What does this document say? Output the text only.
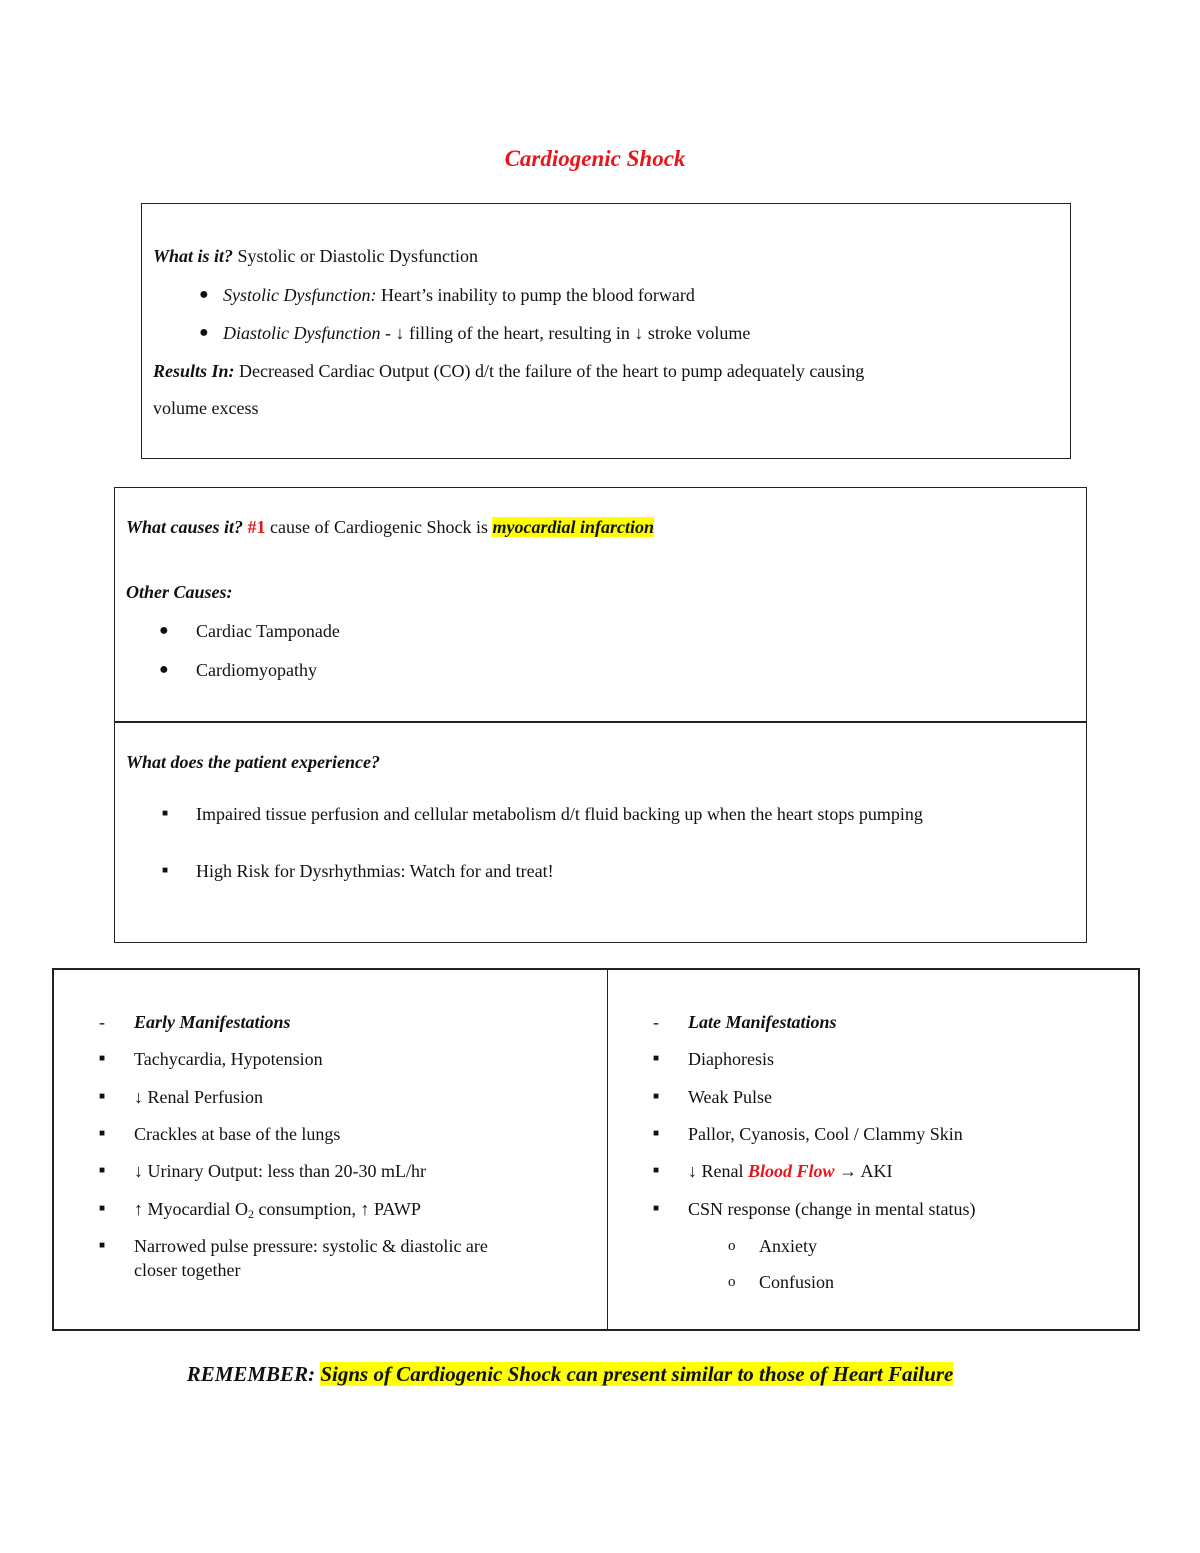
Cardiogenic Shock
What is it? Systolic or Diastolic Dysfunction
● Systolic Dysfunction: Heart’s inability to pump the blood forward
● Diastolic Dysfunction - ↓ filling of the heart, resulting in ↓ stroke volume
Results In: Decreased Cardiac Output (CO) d/t the failure of the heart to pump adequately causing
volume excess
What causes it? #1 cause of Cardiogenic Shock is myocardial infarction
Other Causes:
● Cardiac Tamponade
● Cardiomyopathy
What does the patient experience?
■ Impaired tissue perfusion and cellular metabolism d/t fluid backing up when the heart stops pumping
■ High Risk for Dysrhythmias: Watch for and treat!
- Early Manifestations
■ Tachycardia, Hypotension
■ ↓ Renal Perfusion
■ Crackles at base of the lungs
■ ↓ Urinary Output: less than 20-30 mL/hr
■ ↑ Myocardial $O_2$ consumption, ↑ PAWP
■ Narrowed pulse pressure: systolic & diastolic are
closer together
- Late Manifestations
■ Diaphoresis
■ Weak Pulse
■ Pallor, Cyanosis, Cool / Clammy Skin
■ ↓ Renal Blood Flow → AKI
■ CSN response (change in mental status)
o Anxiety
o Confusion
REMEMBER: Signs of Cardiogenic Shock can present similar to those of Heart Failure
